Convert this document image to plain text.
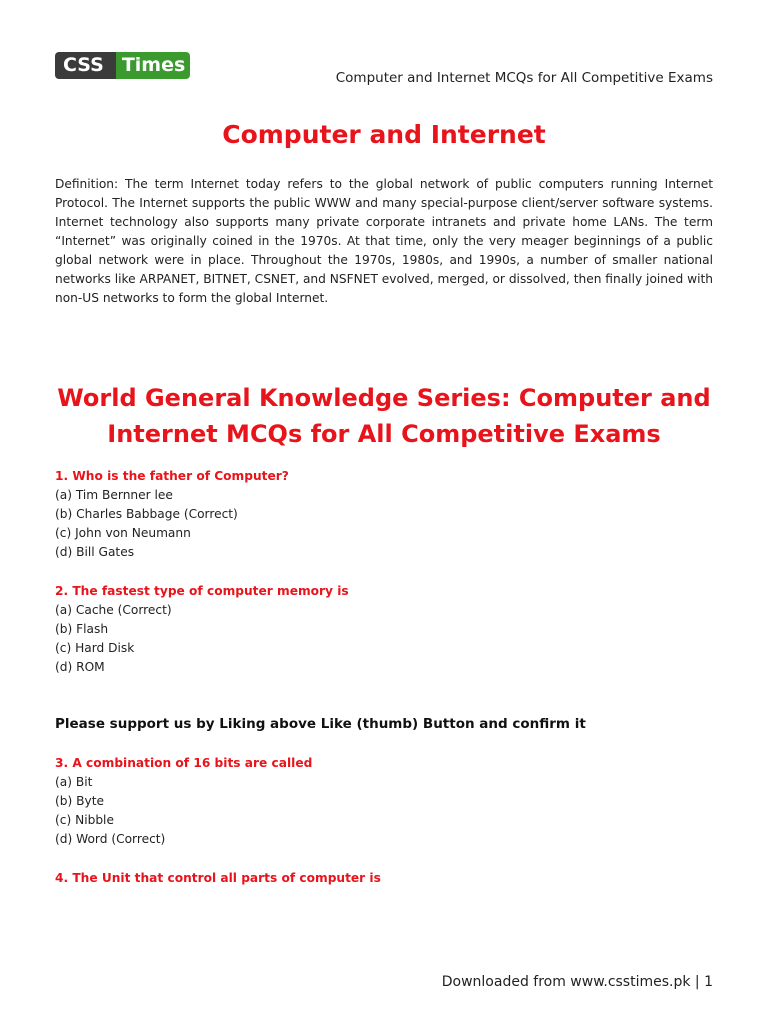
CSS Times
Computer and Internet MCQs for All Competitive Exams
Computer and Internet
Definition: The term Internet today refers to the global network of public computers running Internet Protocol. The Internet supports the public WWW and many special-purpose client/server software systems. Internet technology also supports many private corporate intranets and private home LANs. The term “Internet” was originally coined in the 1970s. At that time, only the very meager beginnings of a public global network were in place. Throughout the 1970s, 1980s, and 1990s, a number of smaller national networks like ARPANET, BITNET, CSNET, and NSFNET evolved, merged, or dissolved, then finally joined with non-US networks to form the global Internet.
World General Knowledge Series: Computer and Internet MCQs for All Competitive Exams
1. Who is the father of Computer?
(a) Tim Bernner lee
(b) Charles Babbage (Correct)
(c) John von Neumann
(d) Bill Gates
2. The fastest type of computer memory is
(a) Cache (Correct)
(b) Flash
(c) Hard Disk
(d) ROM
Please support us by Liking above Like (thumb) Button and confirm it
3. A combination of 16 bits are called
(a) Bit
(b) Byte
(c) Nibble
(d) Word (Correct)
4. The Unit that control all parts of computer is
Downloaded from www.csstimes.pk | 1
